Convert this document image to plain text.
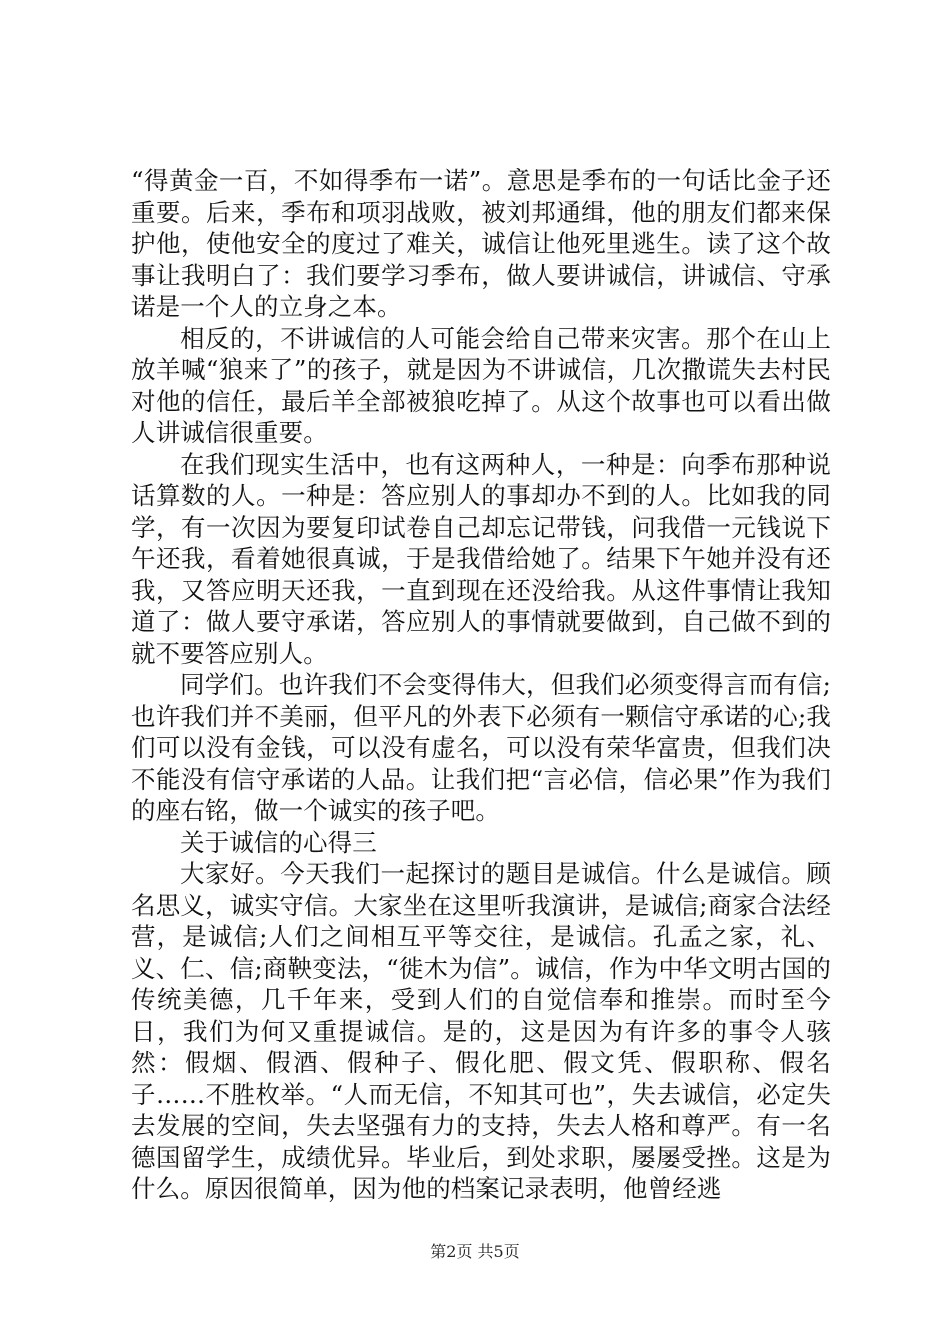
“得黄金一百，不如得季布一诺”。意思是季布的一句话比金子还重要。后来，季布和项羽战败，被刘邦通缉，他的朋友们都来保护他，使他安全的度过了难关，诚信让他死里逃生。读了这个故事让我明白了：我们要学习季布，做人要讲诚信，讲诚信、守承诺是一个人的立身之本。

相反的，不讲诚信的人可能会给自己带来灾害。那个在山上放羊喊“狼来了”的孩子，就是因为不讲诚信，几次撒谎失去村民对他的信任，最后羊全部被狼吃掉了。从这个故事也可以看出做人讲诚信很重要。

在我们现实生活中，也有这两种人，一种是：向季布那种说话算数的人。一种是：答应别人的事却办不到的人。比如我的同学，有一次因为要复印试卷自己却忘记带钱，问我借一元钱说下午还我，看着她很真诚，于是我借给她了。结果下午她并没有还我，又答应明天还我，一直到现在还没给我。从这件事情让我知道了：做人要守承诺，答应别人的事情就要做到，自己做不到的就不要答应别人。

同学们。也许我们不会变得伟大，但我们必须变得言而有信;也许我们并不美丽，但平凡的外表下必须有一颗信守承诺的心;我们可以没有金钱，可以没有虚名，可以没有荣华富贵，但我们决不能没有信守承诺的人品。让我们把“言必信，信必果”作为我们的座右铭，做一个诚实的孩子吧。

关于诚信的心得三

大家好。今天我们一起探讨的题目是诚信。什么是诚信。顾名思义，诚实守信。大家坐在这里听我演讲，是诚信;商家合法经营，是诚信;人们之间相互平等交往，是诚信。孔孟之家，礼、义、仁、信;商鞅变法，“徙木为信”。诚信，作为中华文明古国的传统美德，几千年来，受到人们的自觉信奉和推崇。而时至今日，我们为何又重提诚信。是的，这是因为有许多的事令人骇然：假烟、假酒、假种子、假化肥、假文凭、假职称、假名子……不胜枚举。“人而无信，不知其可也”，失去诚信，必定失去发展的空间，失去坚强有力的支持，失去人格和尊严。有一名德国留学生，成绩优异。毕业后，到处求职，屡屡受挫。这是为什么。原因很简单，因为他的档案记录表明，他曾经逃

第2页 共5页
